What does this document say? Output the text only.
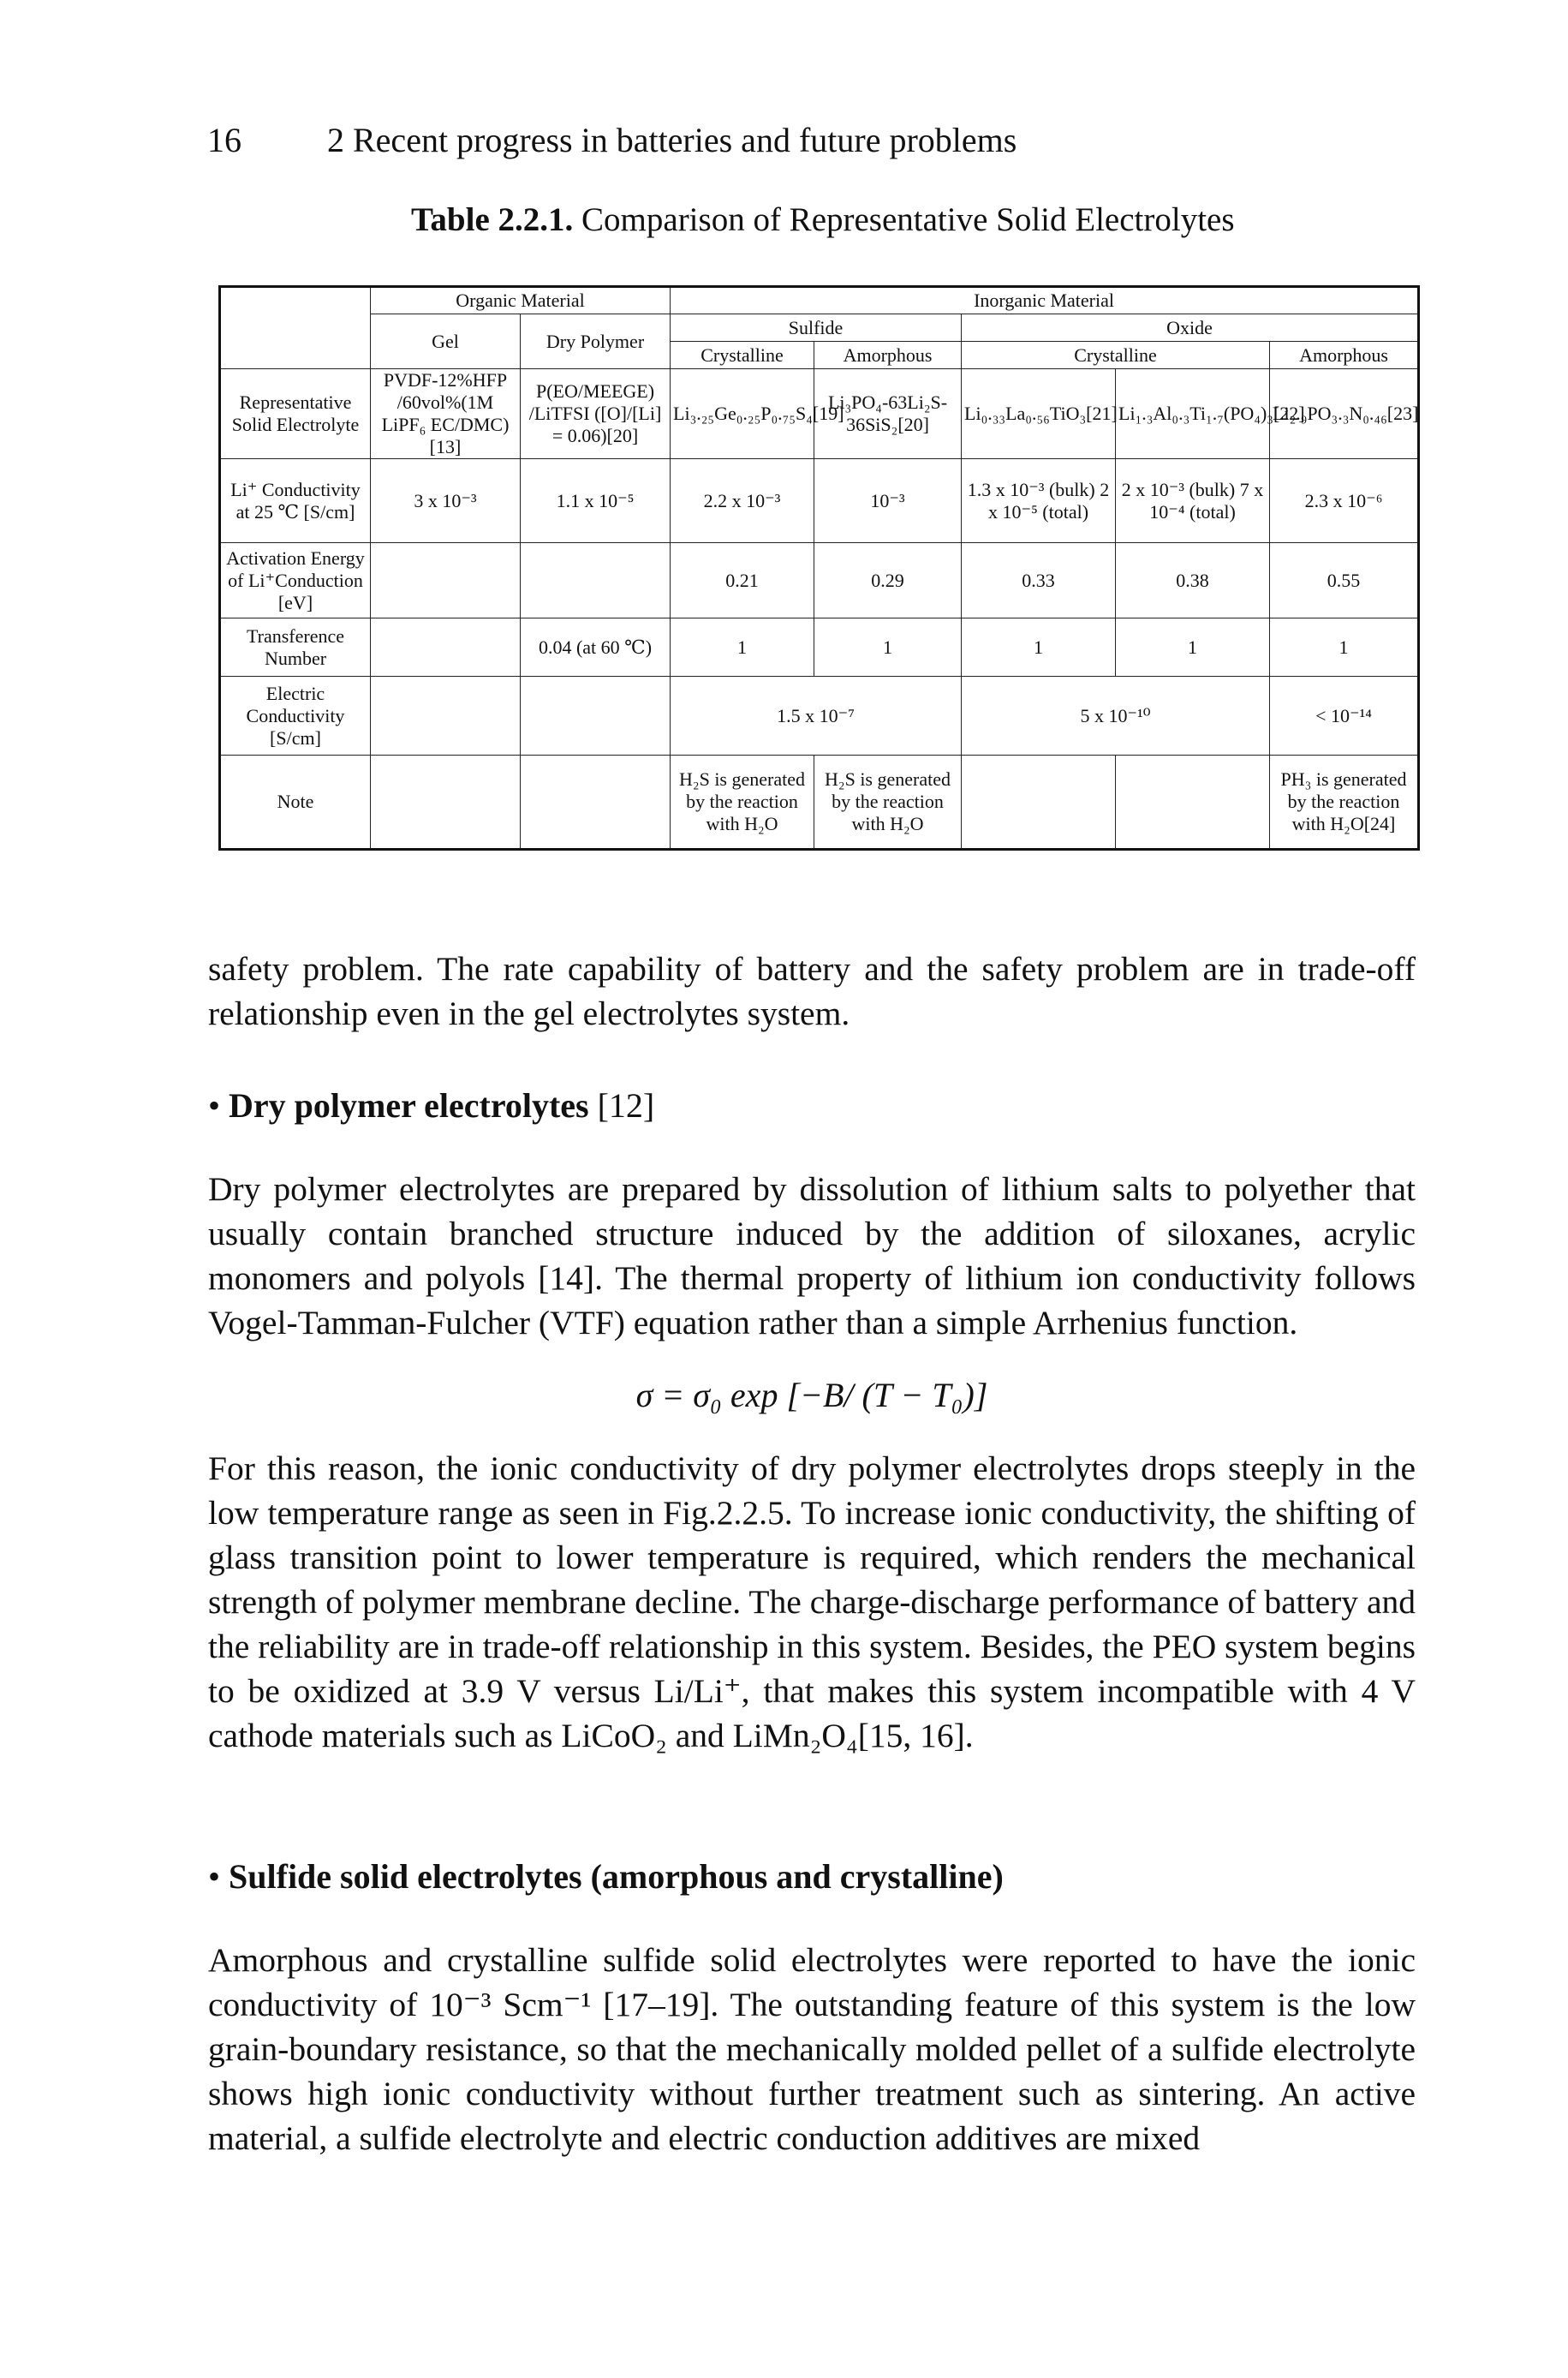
16	2 Recent progress in batteries and future problems
Table 2.2.1. Comparison of Representative Solid Electrolytes
	Organic Material		Inorganic Material				
	Gel	Dry Polymer	Sulfide		Oxide		
			Crystalline	Amorphous	Crystalline		Amorphous
Representative Solid Electrolyte	PVDF-12%HFP /60vol%(1M LiPF₆ EC/DMC)[13]	P(EO/MEEGE) /LiTFSI ([O]/[Li] = 0.06)[20]	Li₃.₂₅Ge₀.₂₅P₀.₇₅S₄[19]	Li₃PO₄-63Li₂S-36SiS₂[20]	Li₀.₃₃La₀.₅₆TiO₃[21]	Li₁.₃Al₀.₃Ti₁.₇(PO₄)₃[22]	Li₂.₉PO₃.₃N₀.₄₆[23]
Li⁺ Conductivity at 25 ℃ [S/cm]	3 x 10⁻³	1.1 x 10⁻⁵	2.2 x 10⁻³	10⁻³	1.3 x 10⁻³ (bulk) 2 x 10⁻⁵ (total)	2 x 10⁻³ (bulk) 7 x 10⁻⁴ (total)	2.3 x 10⁻⁶
Activation Energy of Li⁺Conduction [eV]			0.21	0.29	0.33	0.38	0.55
Transference Number		0.04 (at 60 ℃)	1	1	1	1	1
Electric Conductivity [S/cm]			1.5 x 10⁻⁷		5 x 10⁻¹⁰		< 10⁻¹⁴
Note			H₂S is generated by the reaction with H₂O	H₂S is generated by the reaction with H₂O			PH₃ is generated by the reaction with H₂O[24]

safety problem. The rate capability of battery and the safety problem are in trade-off relationship even in the gel electrolytes system.

• Dry polymer electrolytes [12]

Dry polymer electrolytes are prepared by dissolution of lithium salts to polyether that usually contain branched structure induced by the addition of siloxanes, acrylic monomers and polyols [14]. The thermal property of lithium ion conductivity follows Vogel-Tamman-Fulcher (VTF) equation rather than a simple Arrhenius function.

σ = σ₀ exp [−B/ (T − T₀)]

For this reason, the ionic conductivity of dry polymer electrolytes drops steeply in the low temperature range as seen in Fig.2.2.5. To increase ionic conductivity, the shifting of glass transition point to lower temperature is required, which renders the mechanical strength of polymer membrane decline. The charge-discharge performance of battery and the reliability are in trade-off relationship in this system. Besides, the PEO system begins to be oxidized at 3.9 V versus Li/Li⁺, that makes this system incompatible with 4 V cathode materials such as LiCoO₂ and LiMn₂O₄[15, 16].

• Sulfide solid electrolytes (amorphous and crystalline)

Amorphous and crystalline sulfide solid electrolytes were reported to have the ionic conductivity of 10⁻³ Scm⁻¹ [17–19]. The outstanding feature of this system is the low grain-boundary resistance, so that the mechanically molded pellet of a sulfide electrolyte shows high ionic conductivity without further treatment such as sintering. An active material, a sulfide electrolyte and electric conduction additives are mixed
